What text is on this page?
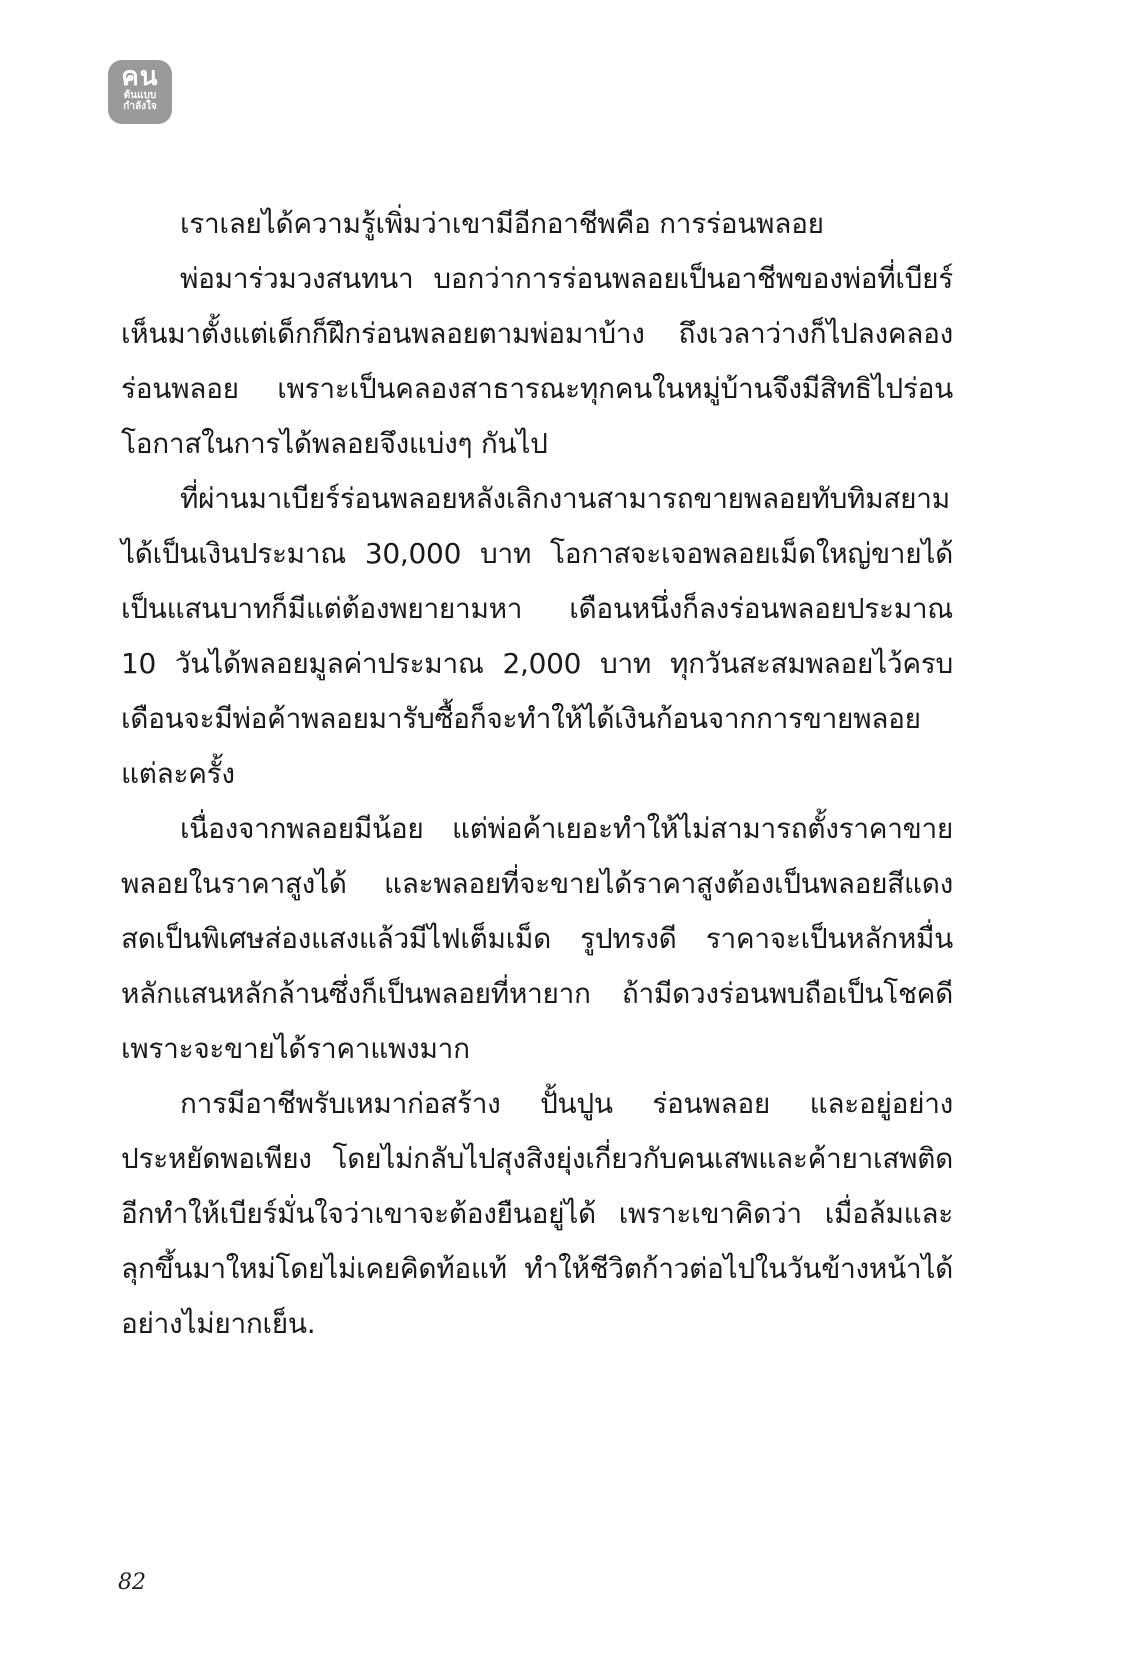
คน
ต้นแบบ
กำลังใจ

เราเลยได้ความรู้เพิ่มว่าเขามีอีกอาชีพคือ การร่อนพลอย

พ่อมาร่วมวงสนทนา บอกว่าการร่อนพลอยเป็นอาชีพของพ่อที่เบียร์เห็นมาตั้งแต่เด็กก็ฝึกร่อนพลอยตามพ่อมาบ้าง ถึงเวลาว่างก็ไปลงคลองร่อนพลอย เพราะเป็นคลองสาธารณะทุกคนในหมู่บ้านจึงมีสิทธิไปร่อนโอกาสในการได้พลอยจึงแบ่งๆ กันไป

ที่ผ่านมาเบียร์ร่อนพลอยหลังเลิกงานสามารถขายพลอยทับทิมสยามได้เป็นเงินประมาณ 30,000 บาท โอกาสจะเจอพลอยเม็ดใหญ่ขายได้เป็นแสนบาทก็มีแต่ต้องพยายามหา เดือนหนึ่งก็ลงร่อนพลอยประมาณ 10 วันได้พลอยมูลค่าประมาณ 2,000 บาท ทุกวันสะสมพลอยไว้ครบเดือนจะมีพ่อค้าพลอยมารับซื้อก็จะทำให้ได้เงินก้อนจากการขายพลอยแต่ละครั้ง

เนื่องจากพลอยมีน้อย แต่พ่อค้าเยอะทำให้ไม่สามารถตั้งราคาขายพลอยในราคาสูงได้ และพลอยที่จะขายได้ราคาสูงต้องเป็นพลอยสีแดงสดเป็นพิเศษส่องแสงแล้วมีไฟเต็มเม็ด รูปทรงดี ราคาจะเป็นหลักหมื่นหลักแสนหลักล้านซึ่งก็เป็นพลอยที่หายาก ถ้ามีดวงร่อนพบถือเป็นโชคดีเพราะจะขายได้ราคาแพงมาก

การมีอาชีพรับเหมาก่อสร้าง ปั้นปูน ร่อนพลอย และอยู่อย่างประหยัดพอเพียง โดยไม่กลับไปสุงสิงยุ่งเกี่ยวกับคนเสพและค้ายาเสพติดอีกทำให้เบียร์มั่นใจว่าเขาจะต้องยืนอยู่ได้ เพราะเขาคิดว่า เมื่อล้มและลุกขึ้นมาใหม่โดยไม่เคยคิดท้อแท้ ทำให้ชีวิตก้าวต่อไปในวันข้างหน้าได้อย่างไม่ยากเย็น.

82
